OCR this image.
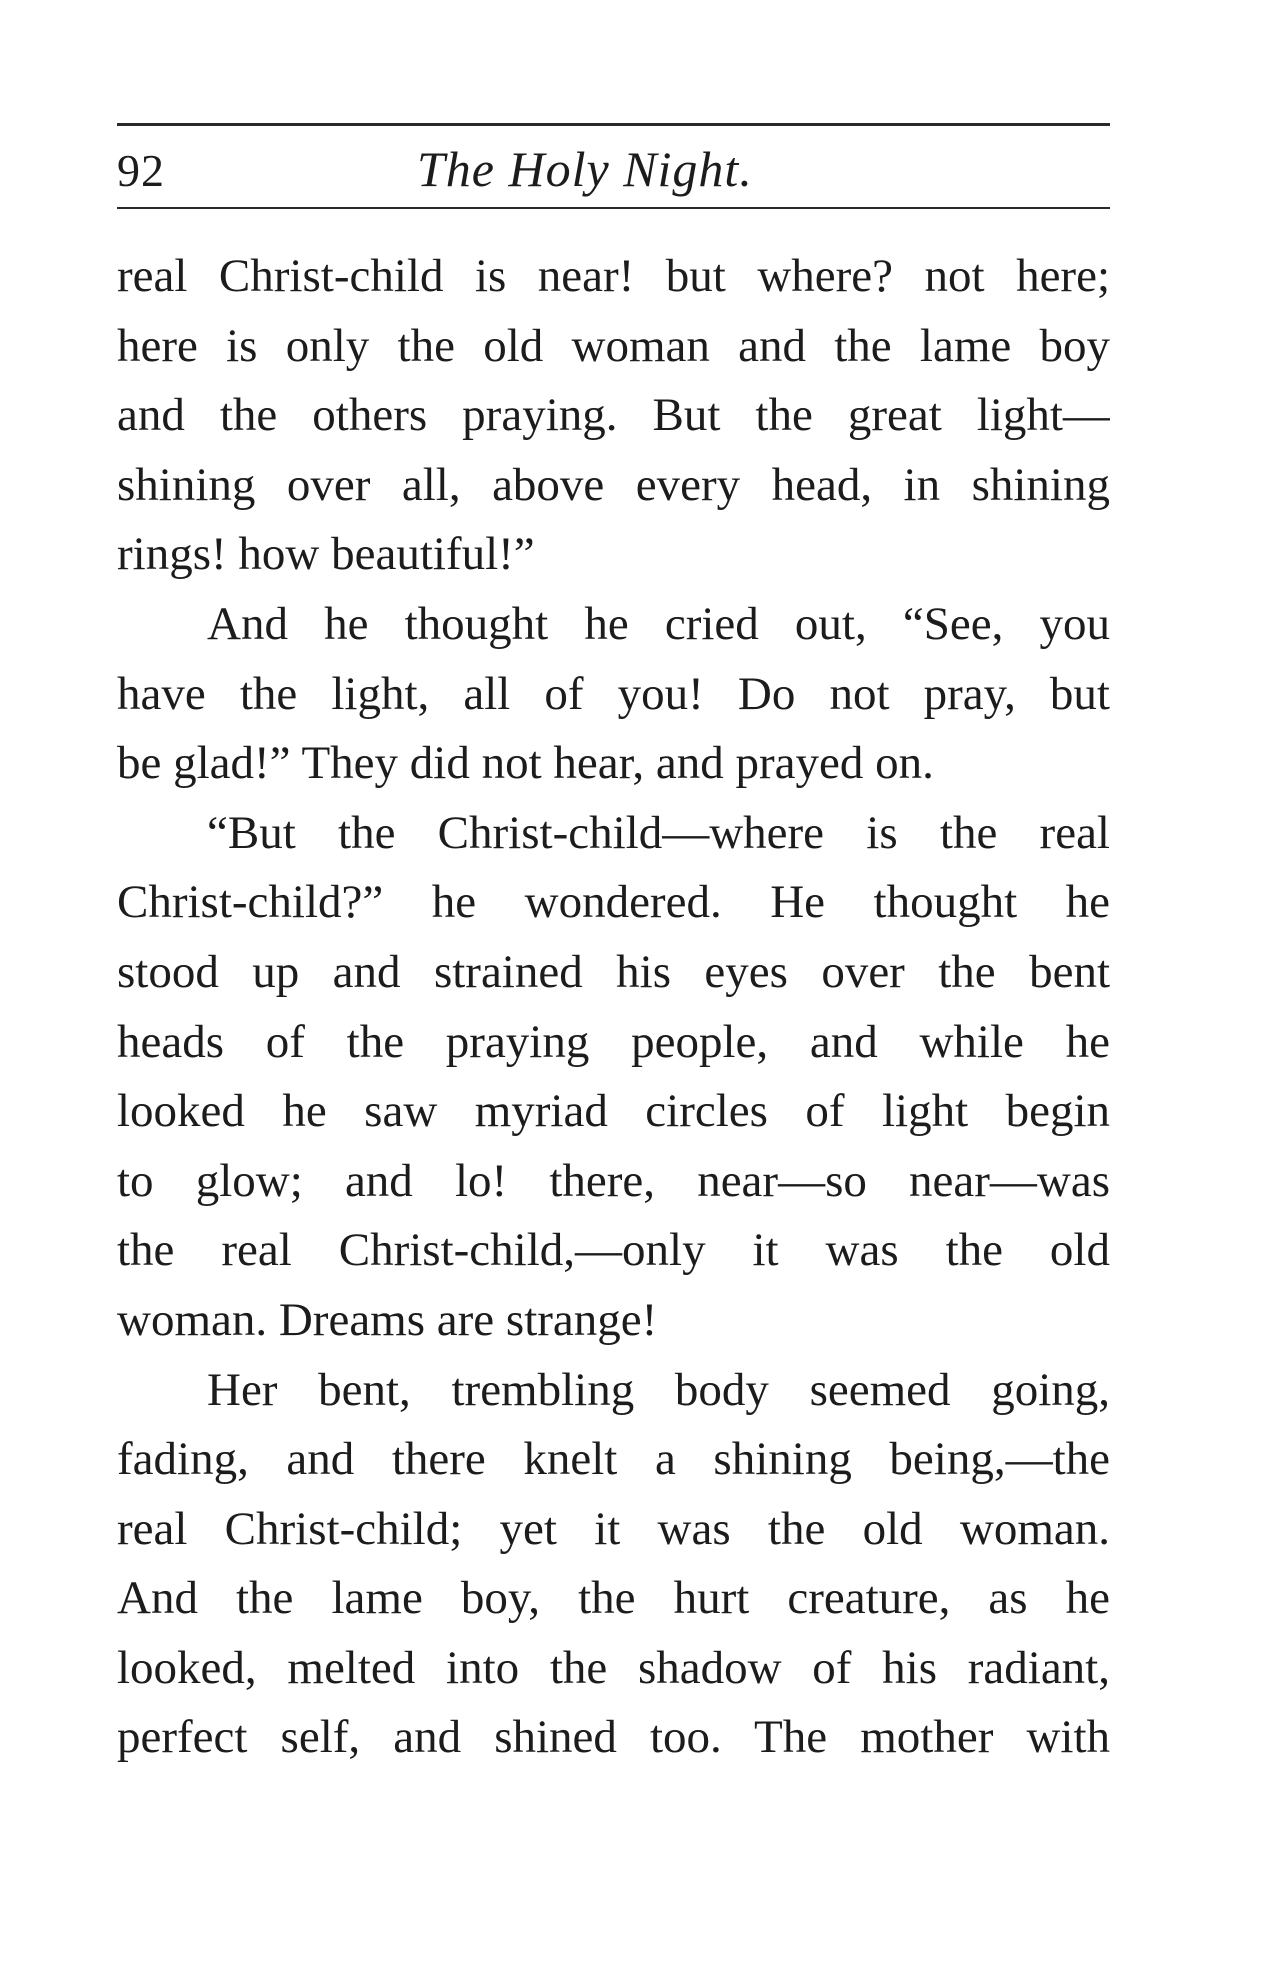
92	The Holy Night.
real Christ-child is near! but where? not here;
here is only the old woman and the lame boy
and the others praying. But the great light—
shining over all, above every head, in shining
rings! how beautiful!”
And he thought he cried out, “See, you
have the light, all of you! Do not pray, but
be glad!” They did not hear, and prayed on.
“But the Christ-child—where is the real
Christ-child?” he wondered. He thought he
stood up and strained his eyes over the bent
heads of the praying people, and while he
looked he saw myriad circles of light begin
to glow; and lo! there, near—so near—was
the real Christ-child,—only it was the old
woman. Dreams are strange!
Her bent, trembling body seemed going,
fading, and there knelt a shining being,—the
real Christ-child; yet it was the old woman.
And the lame boy, the hurt creature, as he
looked, melted into the shadow of his radiant,
perfect self, and shined too. The mother with
